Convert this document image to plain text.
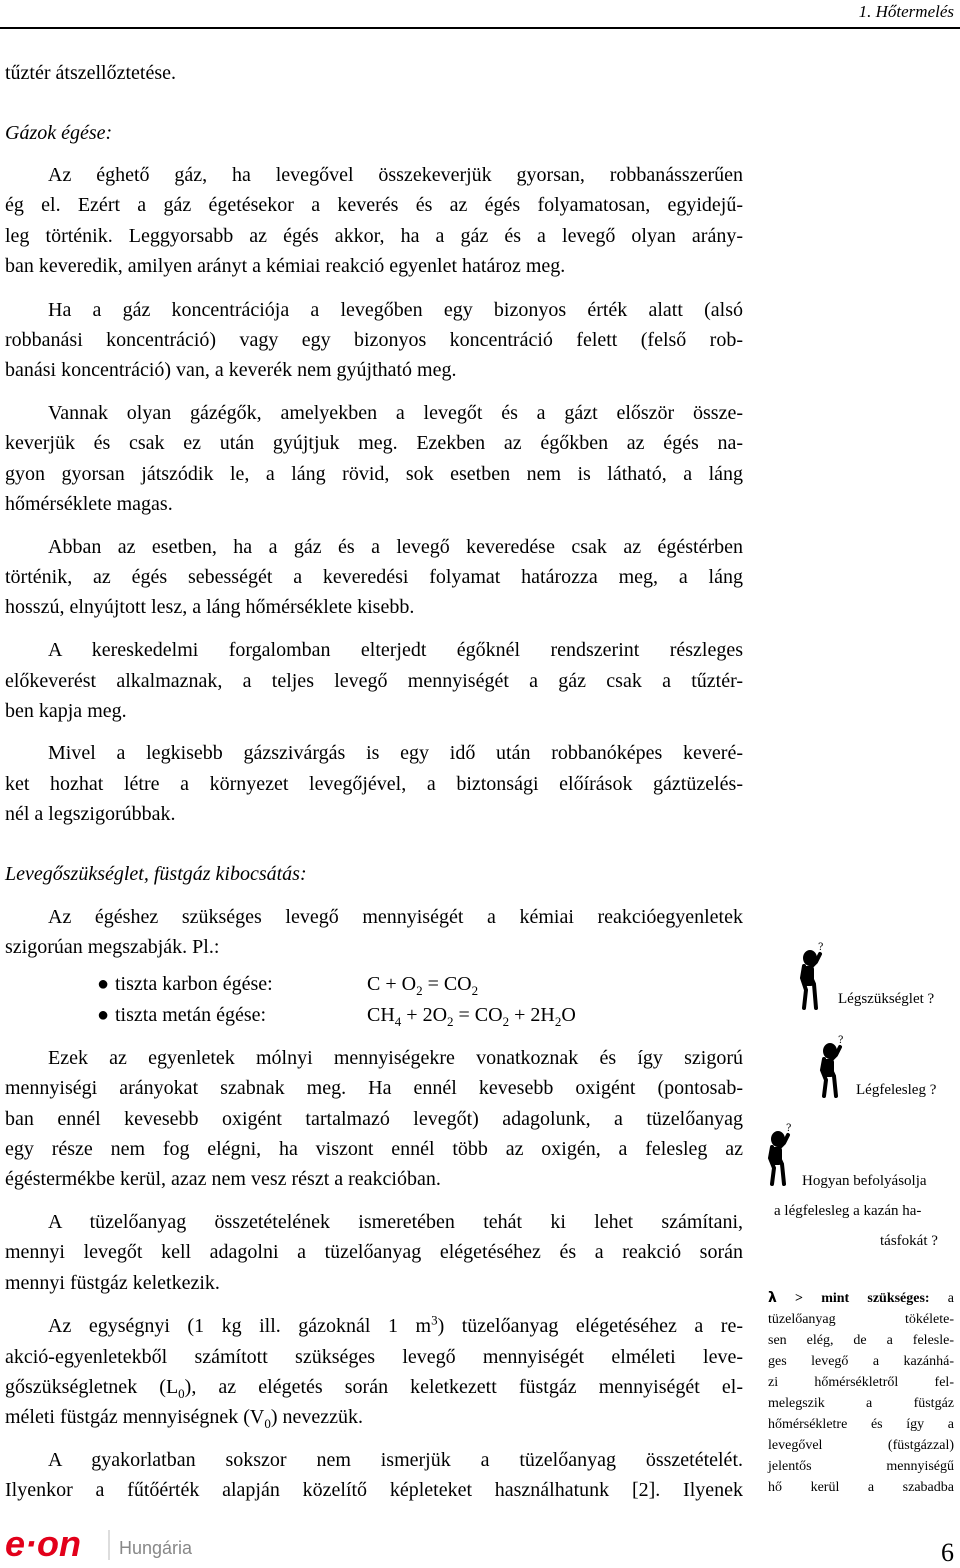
1. Hőtermelés
tűztér átszellőztetése.
Gázok égése:
Az éghető gáz, ha levegővel összekeverjük gyorsan, robbanásszerűen
ég el. Ezért a gáz égetésekor a keverés és az égés folyamatosan, egyidejű-
leg történik. Leggyorsabb az égés akkor, ha a gáz és a levegő olyan arány-
ban keveredik, amilyen arányt a kémiai reakció egyenlet határoz meg.
Ha a gáz koncentrációja a levegőben egy bizonyos érték alatt (alsó
robbanási koncentráció) vagy egy bizonyos koncentráció felett (felső rob-
banási koncentráció) van, a keverék nem gyújtható meg.
Vannak olyan gázégők, amelyekben a levegőt és a gázt először össze-
keverjük és csak ez után gyújtjuk meg. Ezekben az égőkben az égés na-
gyon gyorsan játszódik le, a láng rövid, sok esetben nem is látható, a láng
hőmérséklete magas.
Abban az esetben, ha a gáz és a levegő keveredése csak az égéstérben
történik, az égés sebességét a keveredési folyamat határozza meg, a láng
hosszú, elnyújtott lesz, a láng hőmérséklete kisebb.
A kereskedelmi forgalomban elterjedt égőknél rendszerint részleges
előkeverést alkalmaznak, a teljes levegő mennyiségét a gáz csak a tűztér-
ben kapja meg.
Mivel a legkisebb gázszivárgás is egy idő után robbanóképes keveré-
ket hozhat létre a környezet levegőjével, a biztonsági előírások gáztüzelés-
nél a legszigorúbbak.
Levegőszükséglet, füstgáz kibocsátás:
Az égéshez szükséges levegő mennyiségét a kémiai reakcióegyenletek
szigorúan megszabják. Pl.:
● tiszta karbon égése:	$C + O_2 = CO_2$
● tiszta metán égése:	$CH_4 + 2O_2 = CO_2 + 2H_2O$
Ezek az egyenletek mólnyi mennyiségekre vonatkoznak és így szigorú
mennyiségi arányokat szabnak meg. Ha ennél kevesebb oxigént (pontosab-
ban ennél kevesebb oxigént tartalmazó levegőt) adagolunk, a tüzelőanyag
egy része nem fog elégni, ha viszont ennél több az oxigén, a felesleg az
égéstermékbe kerül, azaz nem vesz részt a reakcióban.
A tüzelőanyag összetételének ismeretében tehát ki lehet számítani,
mennyi levegőt kell adagolni a tüzelőanyag elégetéséhez és a reakció során
mennyi füstgáz keletkezik.
Az egységnyi (1 kg ill. gázoknál 1 $m^3$) tüzelőanyag elégetéséhez a re-
akció-egyenletekből számított szükséges levegő mennyiségét elméleti leve-
gőszükségletnek $(L_0)$, az elégetés során keletkezett füstgáz mennyiségét el-
méleti füstgáz mennyiségnek $(V_0)$ nevezzük.
A gyakorlatban sokszor nem ismerjük a tüzelőanyag összetételét.
Ilyenkor a fűtőérték alapján közelítő képleteket használhatunk [2]. Ilyenek
?
Légszükséglet ?
?
Légfelesleg ?
?
Hogyan befolyásolja
a légfelesleg a kazán ha-
tásfokát ?
λ > mint szükséges: a
tüzelőanyag tökélete-
sen elég, de a felesle-
ges levegő a kazánhá-
zi hőmérsékletről fel-
melegszik a füstgáz
hőmérsékletre és így a
levegővel (füstgázzal)
jelentős mennyiségű
hő kerül a szabadba
e·on Hungária	6
